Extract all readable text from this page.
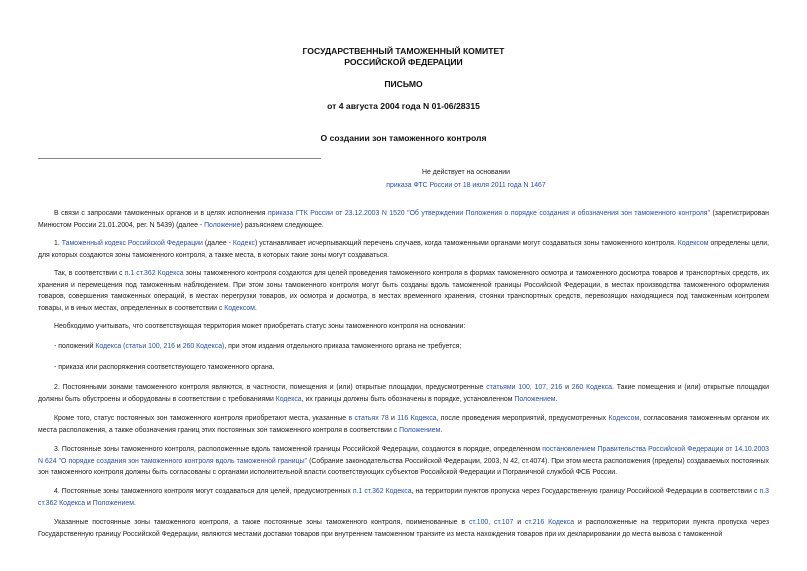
ГОСУДАРСТВЕННЫЙ ТАМОЖЕННЫЙ КОМИТЕТ
РОССИЙСКОЙ ФЕДЕРАЦИИ
ПИСЬМО
от 4 августа 2004 года N 01-06/28315
О создании зон таможенного контроля
Не действует на основании
приказа ФТС России от 18 июля 2011 года N 1467

В связи с запросами таможенных органов и в целях исполнения приказа ГТК России от 23.12.2003 N 1520 "Об утверждении Положения о порядке создания и обозначения зон таможенного контроля" (зарегистрирован Минюстом России 21.01.2004, рег. N 5439) (далее - Положение) разъясняем следующее.

1. Таможенный кодекс Российской Федерации (далее - Кодекс) устанавливает исчерпывающий перечень случаев, когда таможенными органами могут создаваться зоны таможенного контроля. Кодексом определены цели, для которых создаются зоны таможенного контроля, а также места, в которых такие зоны могут создаваться.

Так, в соответствии с п.1 ст.362 Кодекса зоны таможенного контроля создаются для целей проведения таможенного контроля в формах таможенного осмотра и таможенного досмотра товаров и транспортных средств, их хранения и перемещения под таможенным наблюдением. При этом зоны таможенного контроля могут быть созданы вдоль таможенной границы Российской Федерации, в местах производства таможенного оформления товаров, совершения таможенных операций, в местах перегрузки товаров, их осмотра и досмотра, в местах временного хранения, стоянки транспортных средств, перевозящих находящиеся под таможенным контролем товары, и в иных местах, определенных в соответствии с Кодексом.

Необходимо учитывать, что соответствующая территория может приобретать статус зоны таможенного контроля на основании:

- положений Кодекса (статьи 100, 216 и 260 Кодекса), при этом издания отдельного приказа таможенного органа не требуется;

- приказа или распоряжения соответствующего таможенного органа.

2. Постоянными зонами таможенного контроля являются, в частности, помещения и (или) открытые площадки, предусмотренные статьями 100, 107, 216 и 260 Кодекса. Такие помещения и (или) открытые площадки должны быть обустроены и оборудованы в соответствии с требованиями Кодекса, их границы должны быть обозначены в порядке, установленном Положением.

Кроме того, статус постоянных зон таможенного контроля приобретают места, указанные в статьях 78 и 116 Кодекса, после проведения мероприятий, предусмотренных Кодексом, согласования таможенным органом их места расположения, а также обозначения границ этих постоянных зон таможенного контроля в соответствии с Положением.

3. Постоянные зоны таможенного контроля, расположенные вдоль таможенной границы Российской Федерации, создаются в порядке, определенном постановлением Правительства Российской Федерации от 14.10.2003 N 624 "О порядке создания зон таможенного контроля вдоль таможенной границы" (Собрание законодательства Российской Федерации, 2003, N 42, ст.4074). При этом места расположения (пределы) создаваемых постоянных зон таможенного контроля должны быть согласованы с органами исполнительной власти соответствующих субъектов Российской Федерации и Пограничной службой ФСБ России.

4. Постоянные зоны таможенного контроля могут создаваться для целей, предусмотренных п.1 ст.362 Кодекса, на территории пунктов пропуска через Государственную границу Российской Федерации в соответствии с п.3 ст.362 Кодекса и Положением.

Указанные постоянные зоны таможенного контроля, а также постоянные зоны таможенного контроля, поименованные в ст.100, ст.107 и ст.216 Кодекса и расположенные на территории пункта пропуска через Государственную границу Российской Федерации, являются местами доставки товаров при внутреннем таможенном транзите из места нахождения товаров при их декларировании до места вывоза с таможенной
